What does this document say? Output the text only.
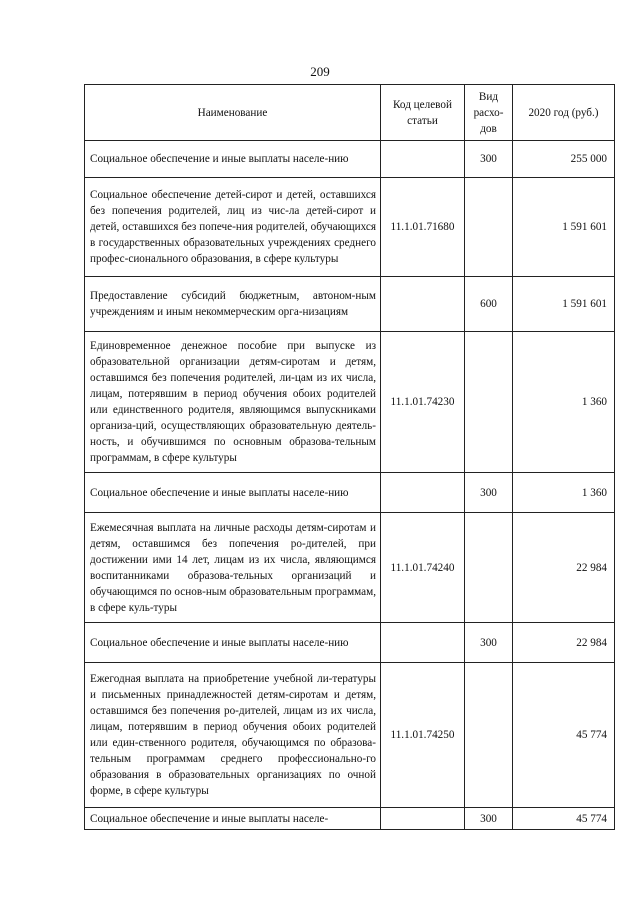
209
Наименование	Код целевой статьи	Вид расхо-дов	2020 год (руб.)
Социальное обеспечение и иные выплаты населе-нию		300	255 000
Социальное обеспечение детей-сирот и детей, оставшихся без попечения родителей, лиц из чис-ла детей-сирот и детей, оставшихся без попече-ния родителей, обучающихся в государственных образовательных учреждениях среднего профес-сионального образования, в сфере культуры	11.1.01.71680		1 591 601
Предоставление субсидий бюджетным, автоном-ным учреждениям и иным некоммерческим орга-низациям		600	1 591 601
Единовременное денежное пособие при выпуске из образовательной организации детям-сиротам и детям, оставшимся без попечения родителей, ли-цам из их числа, лицам, потерявшим в период обучения обоих родителей или единственного родителя, являющимся выпускниками организа-ций, осуществляющих образовательную деятель-ность, и обучившимся по основным образова-тельным программам, в сфере культуры	11.1.01.74230		1 360
Социальное обеспечение и иные выплаты населе-нию		300	1 360
Ежемесячная выплата на личные расходы детям-сиротам и детям, оставшимся без попечения ро-дителей, при достижении ими 14 лет, лицам из их числа, являющимся воспитанниками образова-тельных организаций и обучающимся по основ-ным образовательным программам, в сфере куль-туры	11.1.01.74240		22 984
Социальное обеспечение и иные выплаты населе-нию		300	22 984
Ежегодная выплата на приобретение учебной ли-тературы и письменных принадлежностей детям-сиротам и детям, оставшимся без попечения ро-дителей, лицам из их числа, лицам, потерявшим в период обучения обоих родителей или един-ственного родителя, обучающимся по образова-тельным программам среднего профессионально-го образования в образовательных организациях по очной форме, в сфере культуры	11.1.01.74250		45 774
Социальное обеспечение и иные выплаты населе-		300	45 774
